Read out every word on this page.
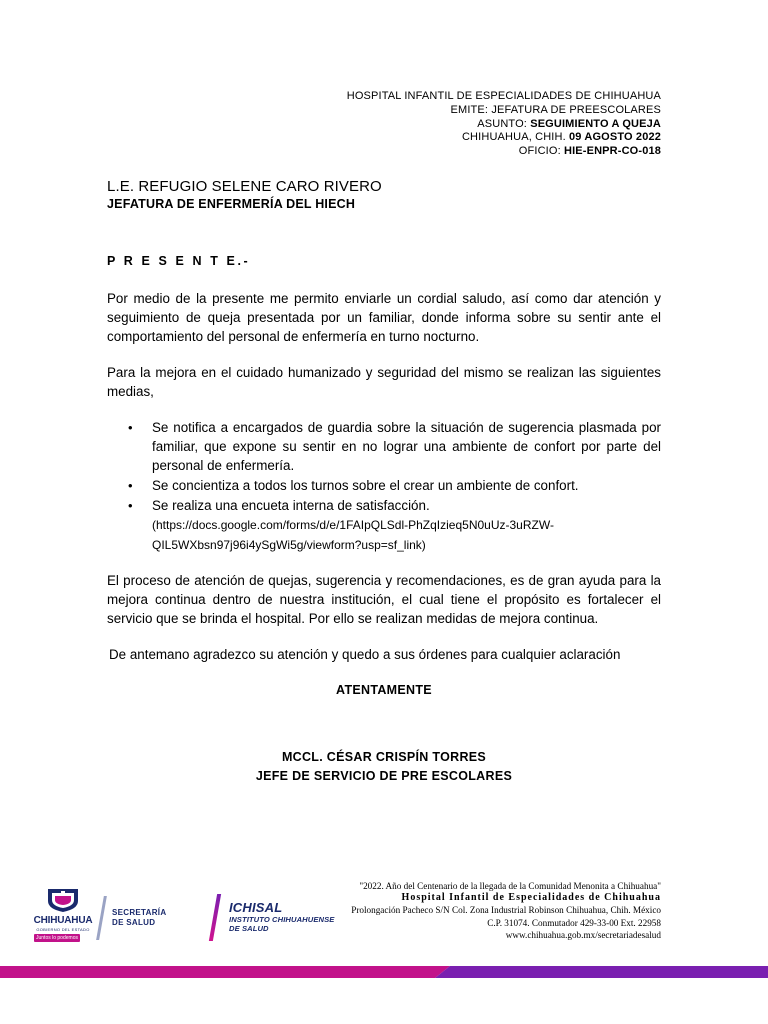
HOSPITAL INFANTIL DE ESPECIALIDADES DE CHIHUAHUA
EMITE: JEFATURA DE PREESCOLARES
ASUNTO: SEGUIMIENTO A QUEJA
CHIHUAHUA, CHIH. 09 AGOSTO 2022
OFICIO: HIE-ENPR-CO-018
L.E. REFUGIO SELENE CARO RIVERO
JEFATURA DE ENFERMERÍA DEL HIECH
P R E S E N T E.-
Por medio de la presente me permito enviarle un cordial saludo, así como dar atención y seguimiento de queja presentada por un familiar, donde informa sobre su sentir ante el comportamiento del personal de enfermería en turno nocturno.
Para la mejora en el cuidado humanizado y seguridad del mismo se realizan las siguientes medias,
• Se notifica a encargados de guardia sobre la situación de sugerencia plasmada por familiar, que expone su sentir en no lograr una ambiente de confort por parte del personal de enfermería.
• Se concientiza a todos los turnos sobre el crear un ambiente de confort.
• Se realiza una encueta interna de satisfacción.
(https://docs.google.com/forms/d/e/1FAIpQLSdl-PhZqIzieq5N0uUz-3uRZW-QIL5WXbsn97j96i4ySgWi5g/viewform?usp=sf_link)
El proceso de atención de quejas, sugerencia y recomendaciones, es de gran ayuda para la mejora continua dentro de nuestra institución, el cual tiene el propósito es fortalecer el servicio que se brinda el hospital. Por ello se realizan medidas de mejora continua.
De antemano agradezco su atención y quedo a sus órdenes para cualquier aclaración
ATENTAMENTE
MCCL. CÉSAR CRISPÍN TORRES
JEFE DE SERVICIO DE PRE ESCOLARES
CHIHUAHUA
GOBIERNO DEL ESTADO
Juntos lo podemos
SECRETARÍA
DE SALUD
ICHISAL
INSTITUTO CHIHUAHUENSE
DE SALUD
"2022. Año del Centenario de la llegada de la Comunidad Menonita a Chihuahua"
Hospital Infantil de Especialidades de Chihuahua
Prolongación Pacheco S/N Col. Zona Industrial Robinson Chihuahua, Chih. México
C.P. 31074. Conmutador 429-33-00 Ext. 22958
www.chihuahua.gob.mx/secretariadesalud
